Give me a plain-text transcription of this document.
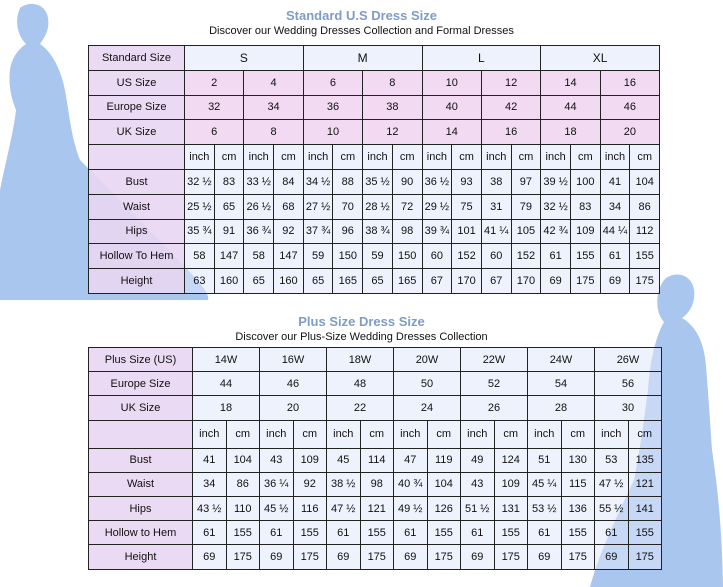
Standard U.S Dress Size
Discover our Wedding Dresses Collection and Formal Dresses
Standard Size	S				M				L				XL			
US Size	2		4		6		8		10		12		14		16	
Europe Size	32		34		36		38		40		42		44		46	
UK Size	6		8		10		12		14		16		18		20	
	inch	cm	inch	cm	inch	cm	inch	cm	inch	cm	inch	cm	inch	cm	inch	cm
Bust	32 ½	83	33 ½	84	34 ½	88	35 ½	90	36 ½	93	38	97	39 ½	100	41	104
Waist	25 ½	65	26 ½	68	27 ½	70	28 ½	72	29 ½	75	31	79	32 ½	83	34	86
Hips	35 ¾	91	36 ¾	92	37 ¾	96	38 ¾	98	39 ¾	101	41 ¼	105	42 ¾	109	44 ¼	112
Hollow To Hem	58	147	58	147	59	150	59	150	60	152	60	152	61	155	61	155
Height	63	160	65	160	65	165	65	165	67	170	67	170	69	175	69	175
Plus Size Dress Size
Discover our Plus-Size Wedding Dresses Collection
Plus Size (US)	14W		16W		18W		20W		22W		24W		26W	
Europe Size	44		46		48		50		52		54		56	
UK Size	18		20		22		24		26		28		30	
	inch	cm	inch	cm	inch	cm	inch	cm	inch	cm	inch	cm	inch	cm
Bust	41	104	43	109	45	114	47	119	49	124	51	130	53	135
Waist	34	86	36 ¼	92	38 ½	98	40 ¾	104	43	109	45 ¼	115	47 ½	121
Hips	43 ½	110	45 ½	116	47 ½	121	49 ½	126	51 ½	131	53 ½	136	55 ½	141
Hollow to Hem	61	155	61	155	61	155	61	155	61	155	61	155	61	155
Height	69	175	69	175	69	175	69	175	69	175	69	175	69	175
